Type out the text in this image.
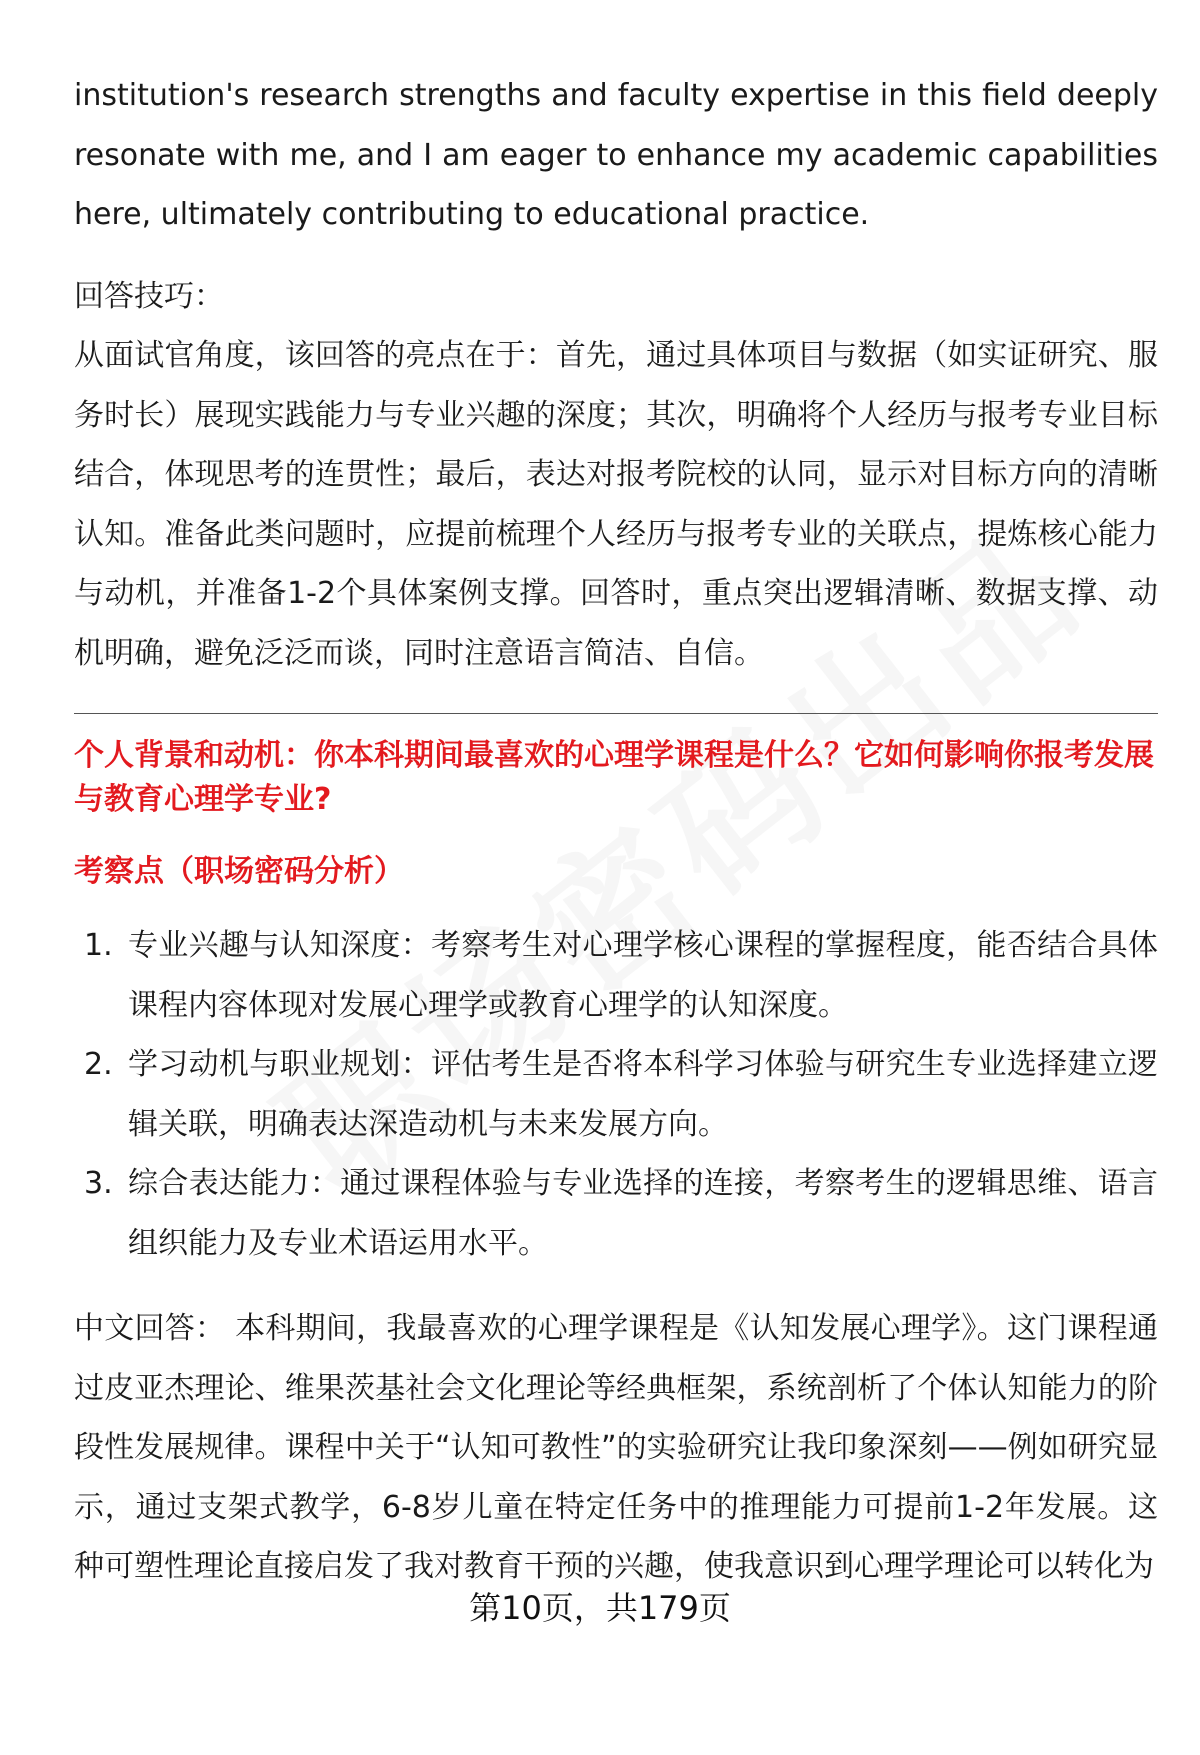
institution's research strengths and faculty expertise in this field deeply resonate with me, and I am eager to enhance my academic capabilities here, ultimately contributing to educational practice.

回答技巧：

从面试官角度，该回答的亮点在于：首先，通过具体项目与数据（如实证研究、服务时长）展现实践能力与专业兴趣的深度；其次，明确将个人经历与报考专业目标结合，体现思考的连贯性；最后，表达对报考院校的认同，显示对目标方向的清晰认知。准备此类问题时，应提前梳理个人经历与报考专业的关联点，提炼核心能力与动机，并准备1-2个具体案例支撑。回答时，重点突出逻辑清晰、数据支撑、动机明确，避免泛泛而谈，同时注意语言简洁、自信。

个人背景和动机：你本科期间最喜欢的心理学课程是什么？它如何影响你报考发展与教育心理学专业?

考察点（职场密码分析）

1. 专业兴趣与认知深度：考察考生对心理学核心课程的掌握程度，能否结合具体课程内容体现对发展心理学或教育心理学的认知深度。
2. 学习动机与职业规划：评估考生是否将本科学习体验与研究生专业选择建立逻辑关联，明确表达深造动机与未来发展方向。
3. 综合表达能力：通过课程体验与专业选择的连接，考察考生的逻辑思维、语言组织能力及专业术语运用水平。

中文回答： 本科期间，我最喜欢的心理学课程是《认知发展心理学》。这门课程通过皮亚杰理论、维果茨基社会文化理论等经典框架，系统剖析了个体认知能力的阶段性发展规律。课程中关于“认知可教性”的实验研究让我印象深刻——例如研究显示，通过支架式教学，6-8岁儿童在特定任务中的推理能力可提前1-2年发展。这种可塑性理论直接启发了我对教育干预的兴趣，使我意识到心理学理论可以转化为

第10页，共179页
